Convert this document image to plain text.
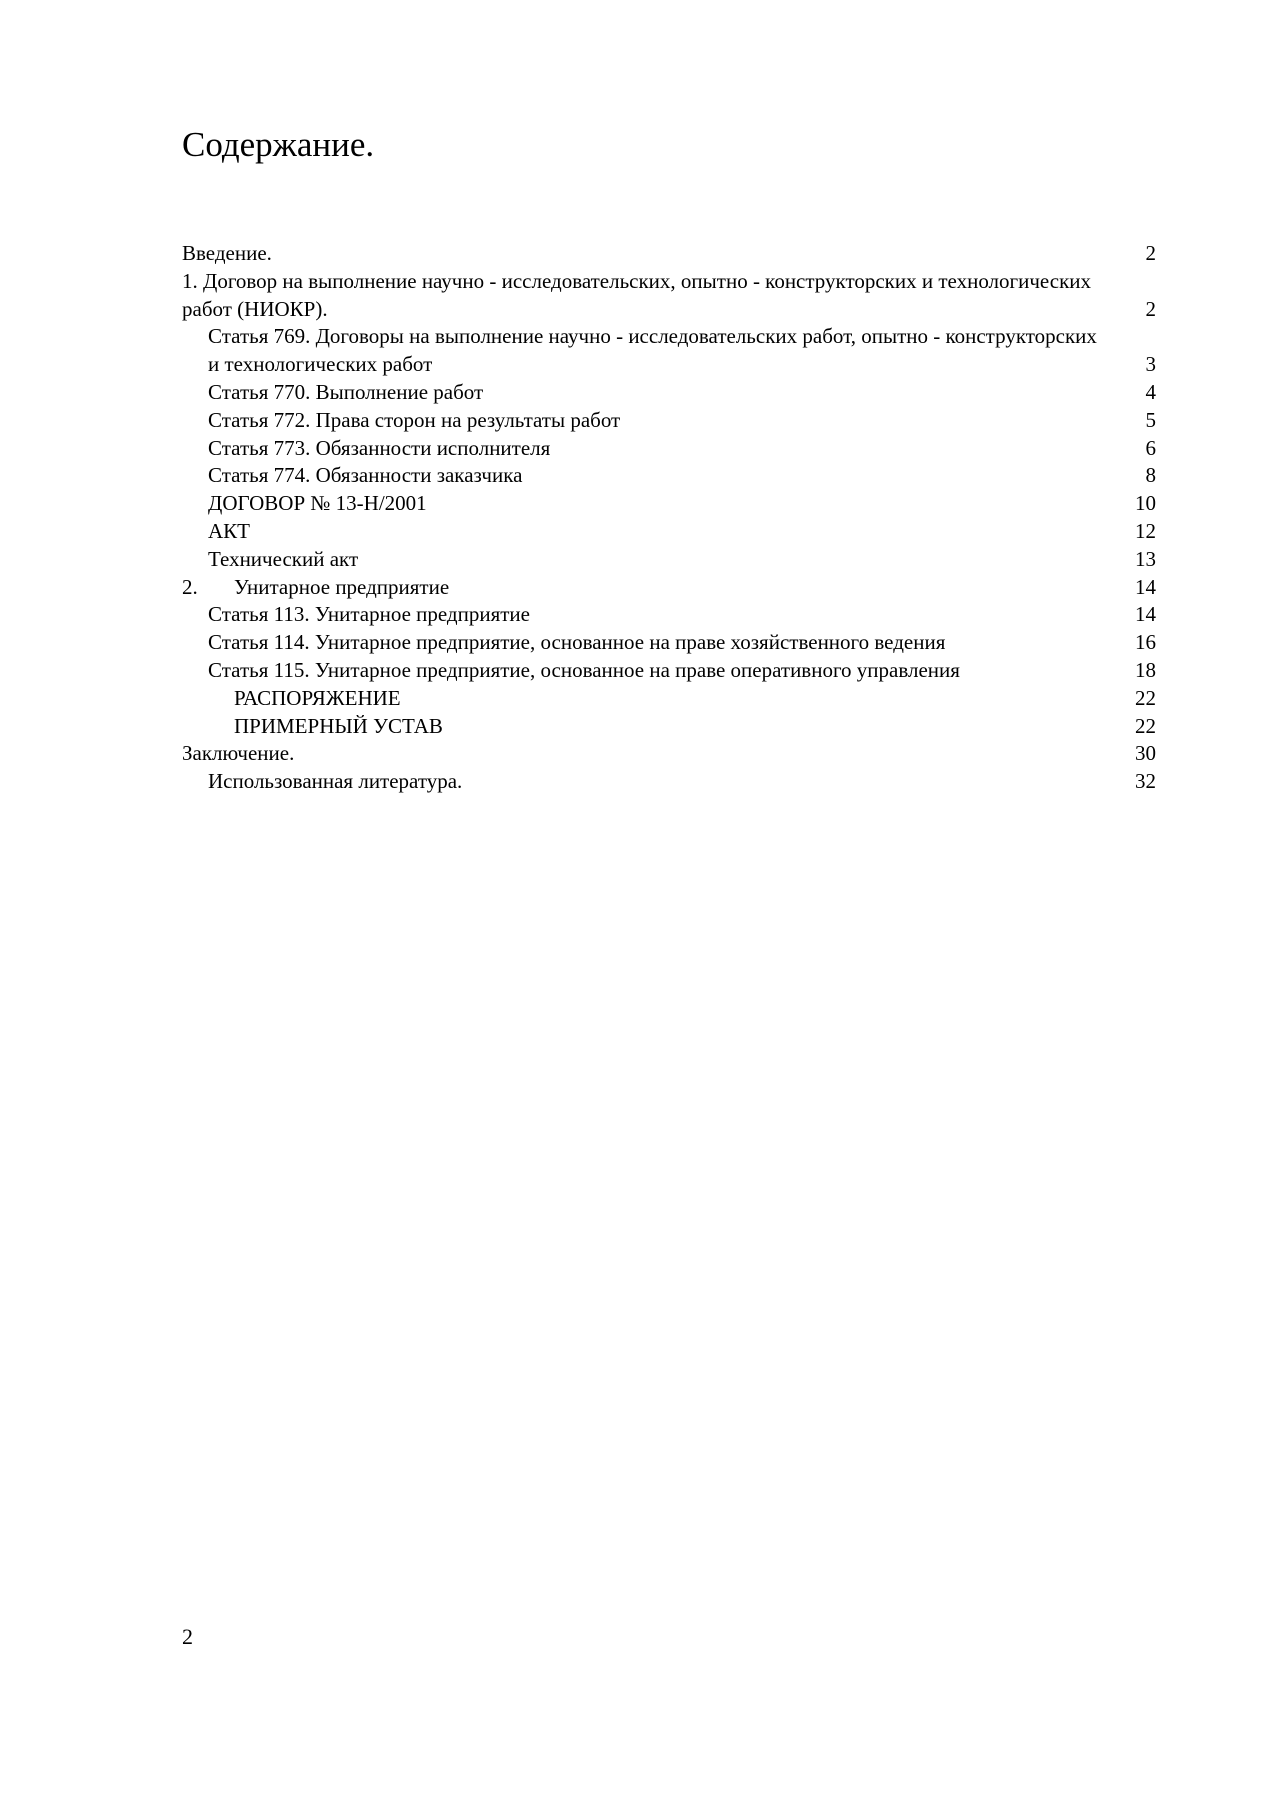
Содержание.
Введение.	2
1. Договор на выполнение научно - исследовательских, опытно - конструкторских и технологических работ (НИОКР).	2
Статья 769. Договоры на выполнение научно - исследовательских работ, опытно - конструкторских и технологических работ	3
Статья 770. Выполнение работ	4
Статья 772. Права сторон на результаты работ	5
Статья 773. Обязанности исполнителя	6
Статья 774. Обязанности заказчика	8
ДОГОВОР № 13-Н/2001	10
АКТ	12
Технический акт	13
2. Унитарное предприятие	14
Статья 113. Унитарное предприятие	14
Статья 114. Унитарное предприятие, основанное на праве хозяйственного ведения	16
Статья 115. Унитарное предприятие, основанное на праве оперативного управления	18
РАСПОРЯЖЕНИЕ	22
ПРИМЕРНЫЙ УСТАВ	22
Заключение.	30
Использованная литература.	32
2
